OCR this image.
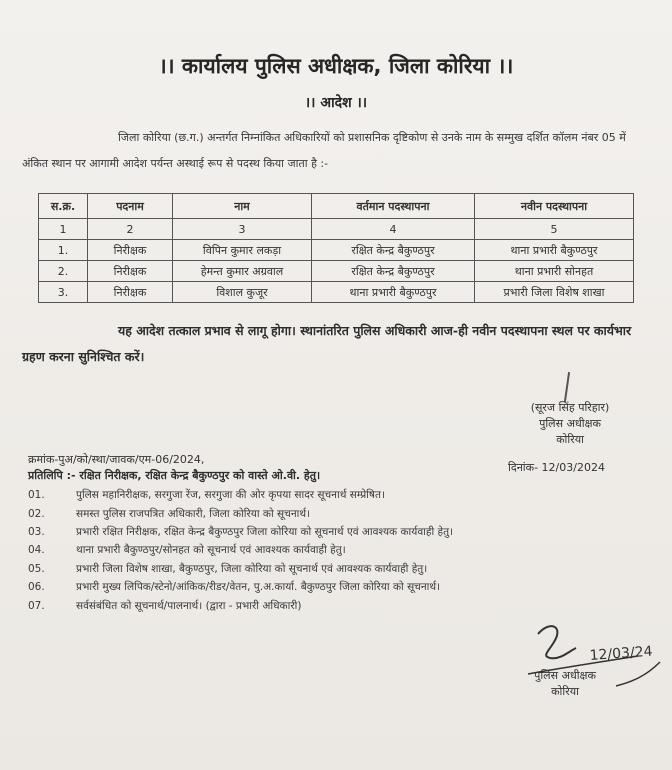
।। कार्यालय पुलिस अधीक्षक, जिला कोरिया ।।
।। आदेश ।।
जिला कोरिया (छ.ग.) अन्तर्गत निम्नांकित अधिकारियों को प्रशासनिक दृष्टिकोण से उनके नाम के सम्मुख दर्शित कॉलम नंबर 05 में अंकित स्थान पर आगामी आदेश पर्यन्त अस्थाई रूप से पदस्थ किया जाता है :-
स.क्र.	पदनाम	नाम	वर्तमान पदस्थापना	नवीन पदस्थापना
1	2	3	4	5
1.	निरीक्षक	विपिन कुमार लकड़ा	रक्षित केन्द्र बैकुण्ठपुर	थाना प्रभारी बैकुण्ठपुर
2.	निरीक्षक	हेमन्त कुमार अग्रवाल	रक्षित केन्द्र बैकुण्ठपुर	थाना प्रभारी सोनहत
3.	निरीक्षक	विशाल कुजूर	थाना प्रभारी बैकुण्ठपुर	प्रभारी जिला विशेष शाखा
यह आदेश तत्काल प्रभाव से लागू होगा। स्थानांतरित पुलिस अधिकारी आज-ही नवीन पदस्थापना स्थल पर कार्यभार ग्रहण करना सुनिश्चित करें।
(सूरज सिंह परिहार)
पुलिस अधीक्षक
कोरिया
क्रमांक-पुअ/को/स्था/जावक/एम-06/2024,
दिनांक- 12/03/2024
प्रतिलिपि :- रक्षित निरीक्षक, रक्षित केन्द्र बैकुण्ठपुर को वास्ते ओ.वी. हेतु।
01.	पुलिस महानिरीक्षक, सरगुजा रेंज, सरगुजा की ओर कृपया सादर सूचनार्थ सम्प्रेषित।
02.	समस्त पुलिस राजपत्रित अधिकारी, जिला कोरिया को सूचनार्थ।
03.	प्रभारी रक्षित निरीक्षक, रक्षित केन्द्र बैकुण्ठपुर जिला कोरिया को सूचनार्थ एवं आवश्यक कार्यवाही हेतु।
04.	थाना प्रभारी बैकुण्ठपुर/सोनहत को सूचनार्थ एवं आवश्यक कार्यवाही हेतु।
05.	प्रभारी जिला विशेष शाखा, बैकुण्ठपुर, जिला कोरिया को सूचनार्थ एवं आवश्यक कार्यवाही हेतु।
06.	प्रभारी मुख्य लिपिक/स्टेनो/आंकिक/रीडर/वेतन, पु.अ.कार्या. बैकुण्ठपुर जिला कोरिया को सूचनार्थ।
07.	सर्वसंबंधित को सूचनार्थ/पालनार्थ। (द्वारा - प्रभारी अधिकारी)
12/03/24
पुलिस अधीक्षक
कोरिया
